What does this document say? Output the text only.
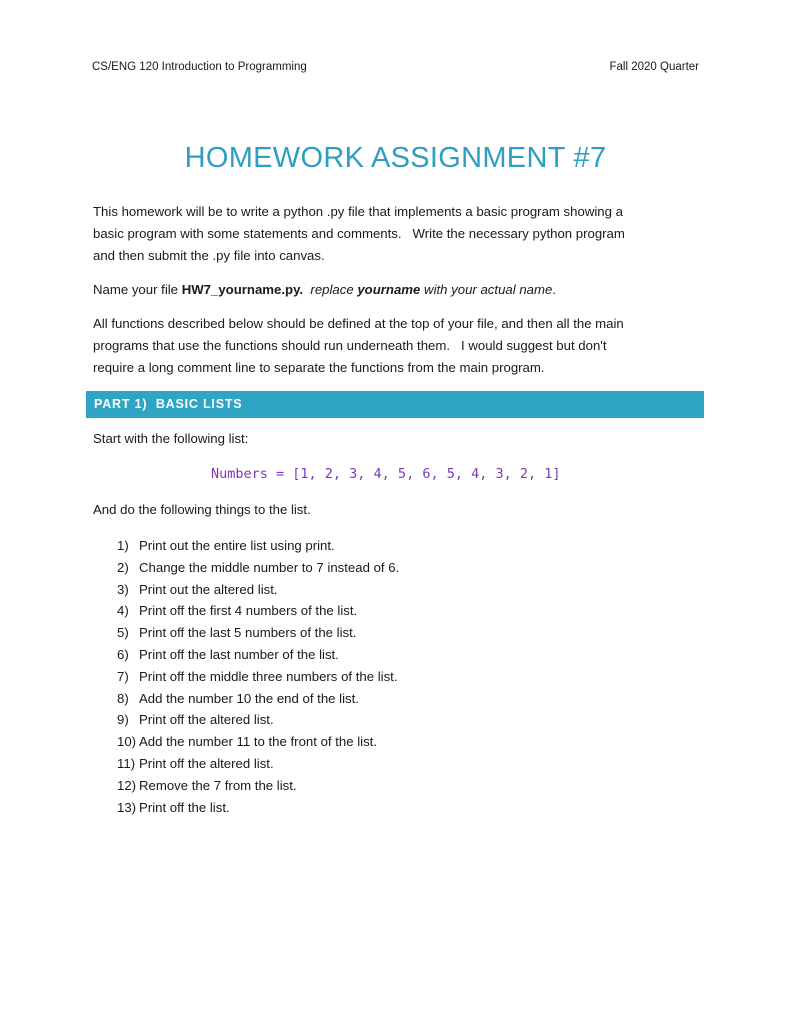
CS/ENG 120 Introduction to Programming	Fall 2020 Quarter
HOMEWORK ASSIGNMENT #7
This homework will be to write a python .py file that implements a basic program showing a
basic program with some statements and comments.   Write the necessary python program
and then submit the .py file into canvas.
Name your file HW7_yourname.py. replace yourname with your actual name.
All functions described below should be defined at the top of your file, and then all the main
programs that use the functions should run underneath them.   I would suggest but don't
require a long comment line to separate the functions from the main program.
PART 1)  BASIC LISTS
Start with the following list:
Numbers = [1, 2, 3, 4, 5, 6, 5, 4, 3, 2, 1]
And do the following things to the list.
1) Print out the entire list using print.
2) Change the middle number to 7 instead of 6.
3) Print out the altered list.
4) Print off the first 4 numbers of the list.
5) Print off the last 5 numbers of the list.
6) Print off the last number of the list.
7) Print off the middle three numbers of the list.
8) Add the number 10 the end of the list.
9) Print off the altered list.
10) Add the number 11 to the front of the list.
11) Print off the altered list.
12) Remove the 7 from the list.
13) Print off the list.
